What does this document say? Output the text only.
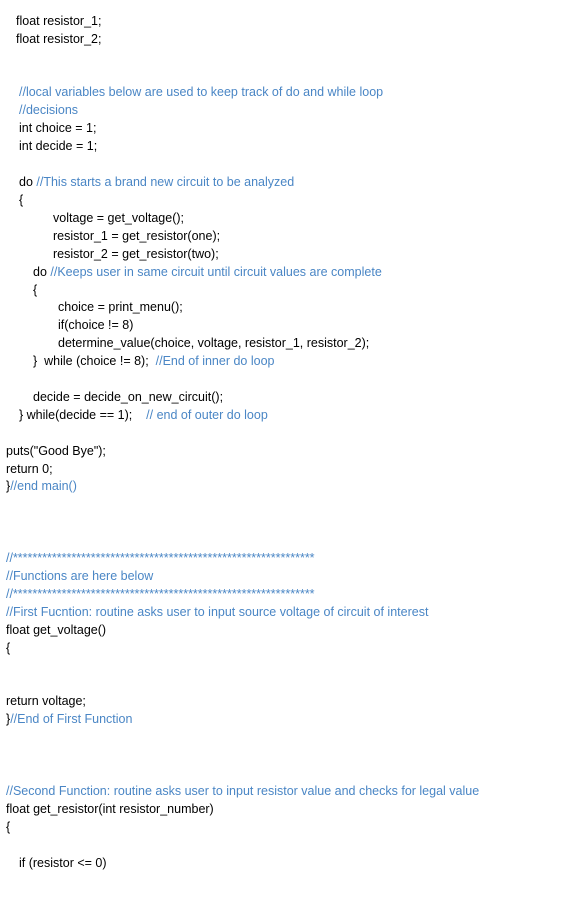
float resistor_1;
float resistor_2;
//local variables below are used to keep track of do and while loop
//decisions
int choice = 1;
int decide = 1;
do //This starts a brand new circuit to be analyzed
{
voltage = get_voltage();
resistor_1 = get_resistor(one);
resistor_2 = get_resistor(two);
do //Keeps user in same circuit until circuit values are complete
{
choice = print_menu();
if(choice != 8)
determine_value(choice, voltage, resistor_1, resistor_2);
}  while (choice != 8);  //End of inner do loop
decide = decide_on_new_circuit();
} while(decide == 1);    // end of outer do loop
puts("Good Bye");
return 0;
}//end main()
//**************************************************************
//Functions are here below
//**************************************************************
//First Fucntion: routine asks user to input source voltage of circuit of interest
float get_voltage()
{
return voltage;
}//End of First Function
//Second Function: routine asks user to input resistor value and checks for legal value
float get_resistor(int resistor_number)
{
if (resistor <= 0)
